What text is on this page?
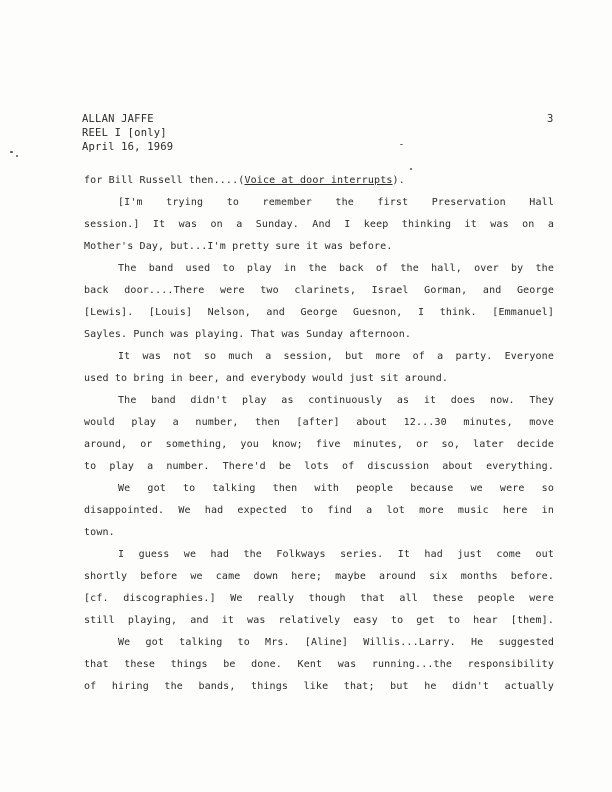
ALLAN JAFFE
REEL I [only]
April 16, 1969
3
for Bill Russell then....(Voice at door interrupts).
[I'm trying to remember the first Preservation Hall
session.] It was on a Sunday. And I keep thinking it was on a
Mother's Day, but...I'm pretty sure it was before.
The band used to play in the back of the hall, over by the
back door....There were two clarinets, Israel Gorman, and George
[Lewis]. [Louis] Nelson, and George Guesnon, I think. [Emmanuel]
Sayles. Punch was playing. That was Sunday afternoon.
It was not so much a session, but more of a party. Everyone
used to bring in beer, and everybody would just sit around.
The band didn't play as continuously as it does now. They
would play a number, then [after] about 12...30 minutes, move
around, or something, you know; five minutes, or so, later decide
to play a number. There'd be lots of discussion about everything.
We got to talking then with people because we were so
disappointed. We had expected to find a lot more music here in
town.
I guess we had the Folkways series. It had just come out
shortly before we came down here; maybe around six months before.
[cf. discographies.] We really though that all these people were
still playing, and it was relatively easy to get to hear [them].
We got talking to Mrs. [Aline] Willis...Larry. He suggested
that these things be done. Kent was running...the responsibility
of hiring the bands, things like that; but he didn't actually
